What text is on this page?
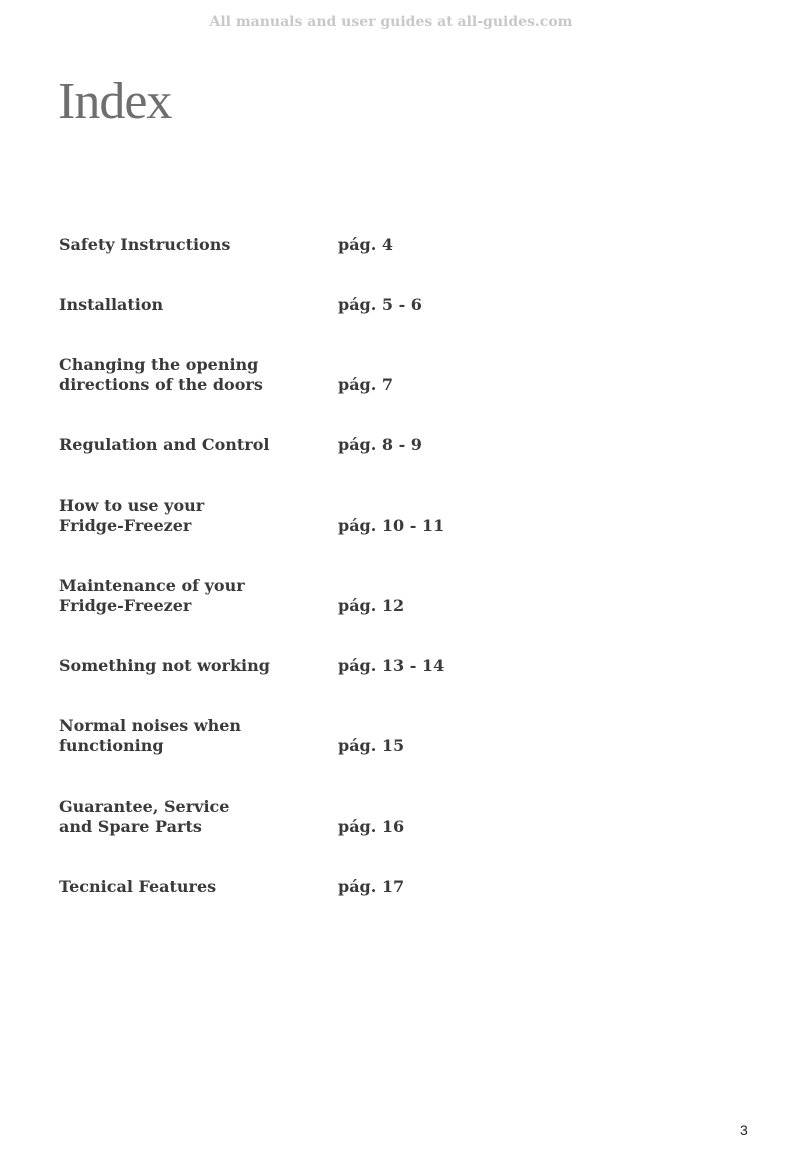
All manuals and user guides at all-guides.com
Index
Safety Instructions	pág. 4
Installation	pág. 5 - 6
Changing the opening
directions of the doors	pág. 7
Regulation and Control	pág. 8 - 9
How to use your
Fridge-Freezer	pág. 10 - 11
Maintenance of your
Fridge-Freezer	pág. 12
Something not working	pág. 13 - 14
Normal noises when
functioning	pág. 15
Guarantee, Service
and Spare Parts	pág. 16
Tecnical Features	pág. 17
3
